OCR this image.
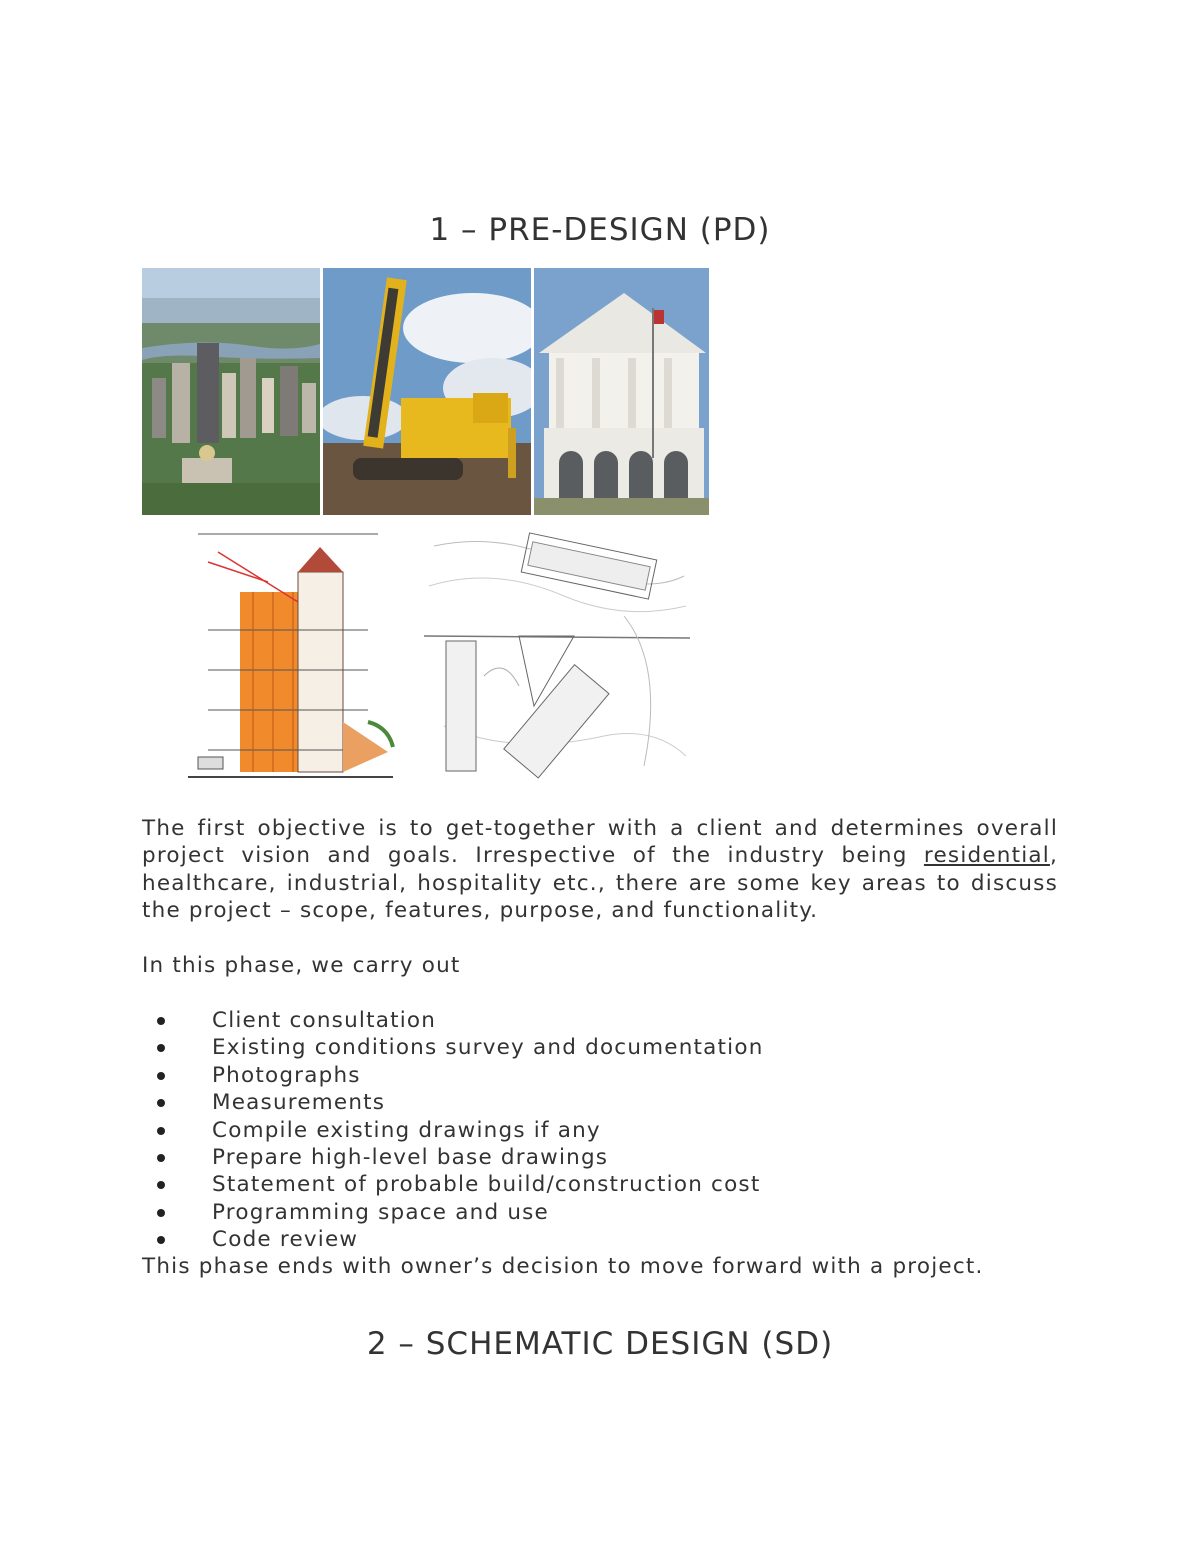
1 – PRE-DESIGN (PD)

The first objective is to get-together with a client and determines overall project vision and goals. Irrespective of the industry being residential, healthcare, industrial, hospitality etc., there are some key areas to discuss the project – scope, features, purpose, and functionality.

In this phase, we carry out

Client consultation
Existing conditions survey and documentation
Photographs
Measurements
Compile existing drawings if any
Prepare high-level base drawings
Statement of probable build/construction cost
Programming space and use
Code review

This phase ends with owner’s decision to move forward with a project.

2 – SCHEMATIC DESIGN (SD)
